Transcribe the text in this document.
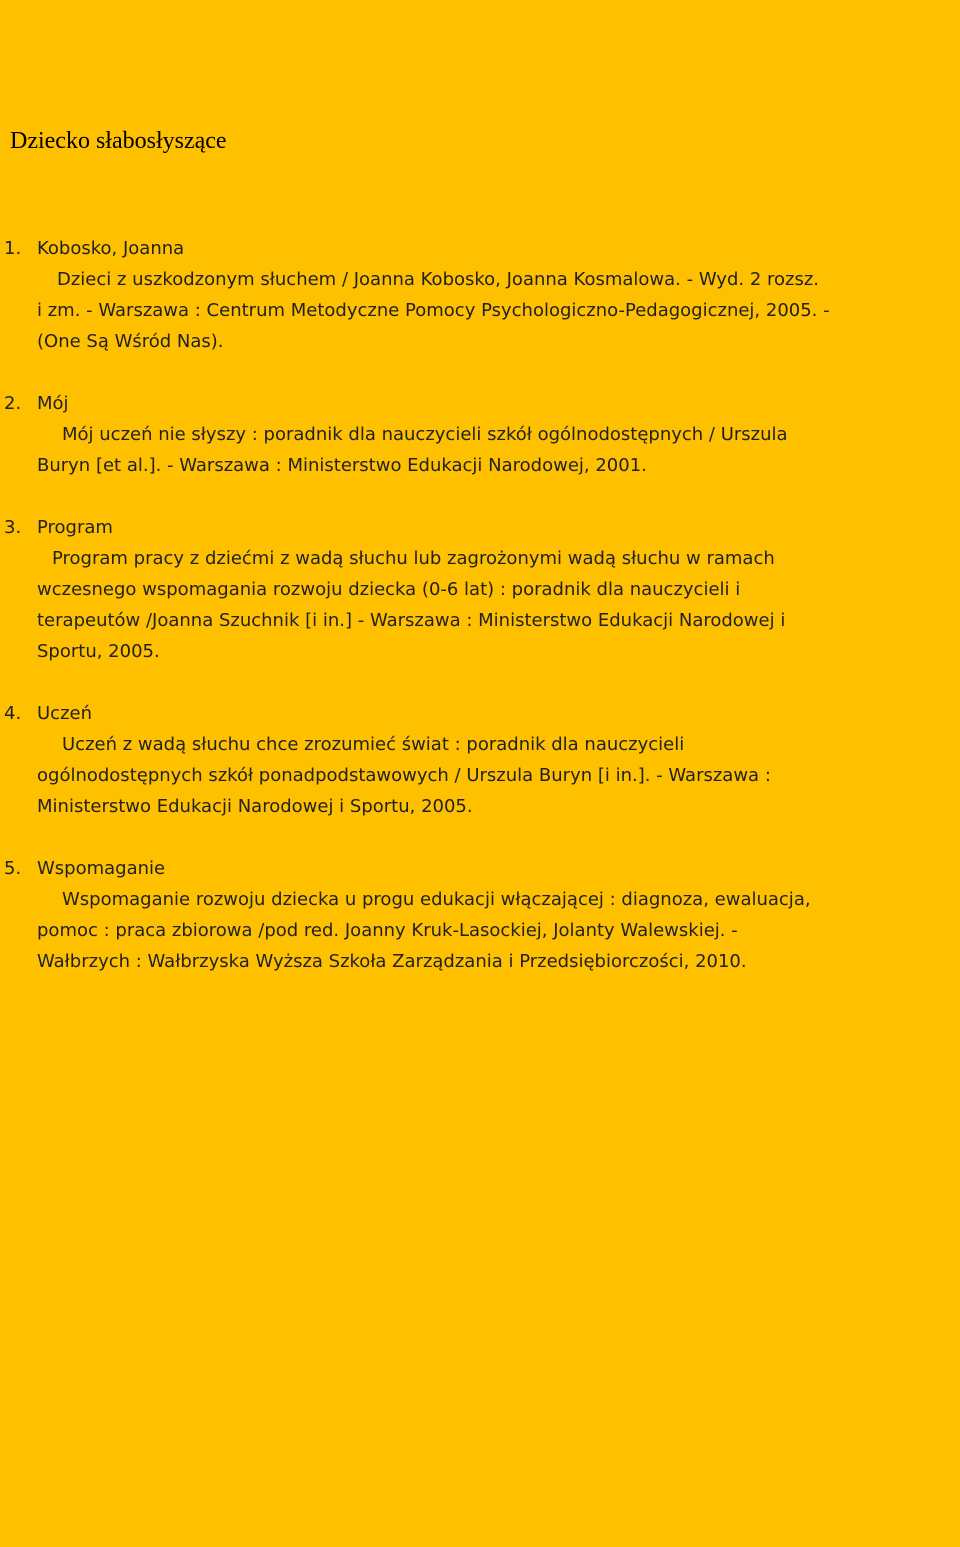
Dziecko słabosłyszące
1. Kobosko, Joanna
Dzieci z uszkodzonym słuchem / Joanna Kobosko, Joanna Kosmalowa. - Wyd. 2 rozsz.
i zm. - Warszawa : Centrum Metodyczne Pomocy Psychologiczno-Pedagogicznej, 2005. -
(One Są Wśród Nas).
2. Mój
Mój uczeń nie słyszy : poradnik dla nauczycieli szkół ogólnodostępnych / Urszula
Buryn [et al.]. - Warszawa : Ministerstwo Edukacji Narodowej, 2001.
3. Program
Program pracy z dziećmi z wadą słuchu lub zagrożonymi wadą słuchu w ramach
wczesnego wspomagania rozwoju dziecka (0-6 lat) : poradnik dla nauczycieli i
terapeutów /Joanna Szuchnik [i in.] - Warszawa : Ministerstwo Edukacji Narodowej i
Sportu, 2005.
4. Uczeń
Uczeń z wadą słuchu chce zrozumieć świat : poradnik dla nauczycieli
ogólnodostępnych szkół ponadpodstawowych / Urszula Buryn [i in.]. - Warszawa :
Ministerstwo Edukacji Narodowej i Sportu, 2005.
5. Wspomaganie
Wspomaganie rozwoju dziecka u progu edukacji włączającej : diagnoza, ewaluacja,
pomoc : praca zbiorowa /pod red. Joanny Kruk-Lasockiej, Jolanty Walewskiej. -
Wałbrzych : Wałbrzyska Wyższa Szkoła Zarządzania i Przedsiębiorczości, 2010.
